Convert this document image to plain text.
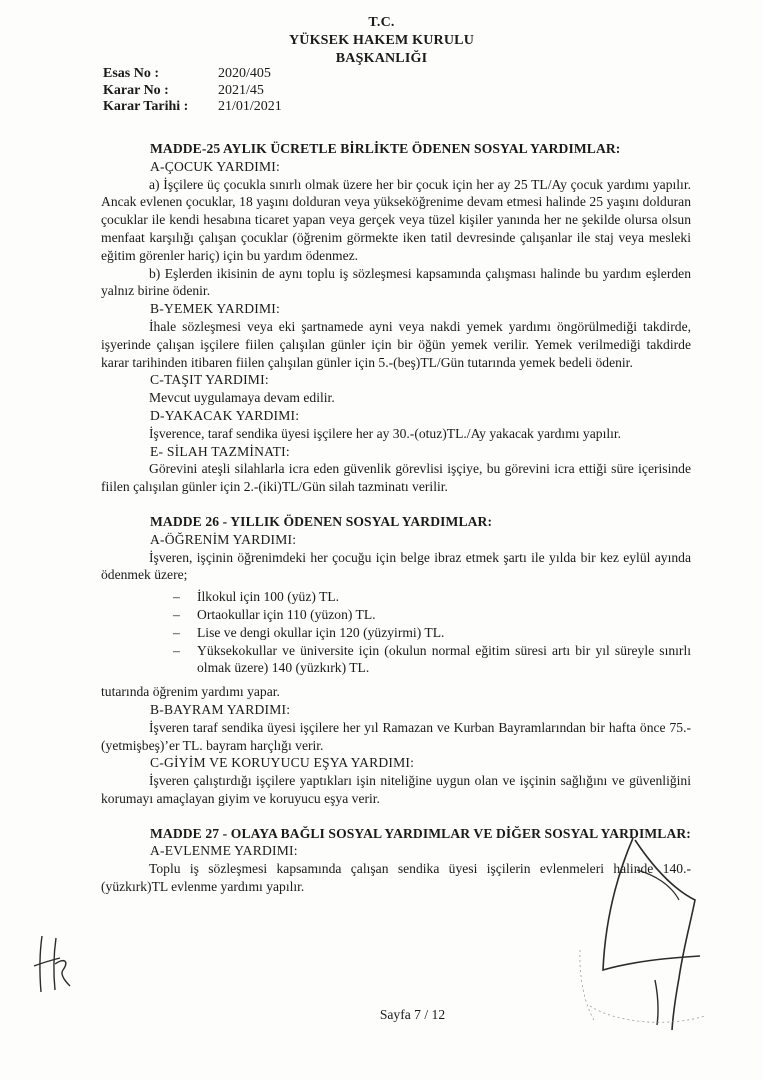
T.C.
YÜKSEK HAKEM KURULU
BAŞKANLIĞI
Esas No :	2020/405
Karar No :	2021/45
Karar Tarihi :	21/01/2021

MADDE-25 AYLIK ÜCRETLE BİRLİKTE ÖDENEN SOSYAL YARDIMLAR:

A-ÇOCUK YARDIMI:

a) İşçilere üç çocukla sınırlı olmak üzere her bir çocuk için her ay 25 TL/Ay çocuk yardımı yapılır. Ancak evlenen çocuklar, 18 yaşını dolduran veya yükseköğrenime devam etmesi halinde 25 yaşını dolduran çocuklar ile kendi hesabına ticaret yapan veya gerçek veya tüzel kişiler yanında her ne şekilde olursa olsun menfaat karşılığı çalışan çocuklar (öğrenim görmekte iken tatil devresinde çalışanlar ile staj veya mesleki eğitim görenler hariç) için bu yardım ödenmez.

b) Eşlerden ikisinin de aynı toplu iş sözleşmesi kapsamında çalışması halinde bu yardım eşlerden yalnız birine ödenir.

B-YEMEK YARDIMI:

İhale sözleşmesi veya eki şartnamede ayni veya nakdi yemek yardımı öngörülmediği takdirde, işyerinde çalışan işçilere fiilen çalışılan günler için bir öğün yemek verilir. Yemek verilmediği takdirde karar tarihinden itibaren fiilen çalışılan günler için 5.-(beş)TL/Gün tutarında yemek bedeli ödenir.

C-TAŞIT YARDIMI:

Mevcut uygulamaya devam edilir.

D-YAKACAK YARDIMI:

İşverence, taraf sendika üyesi işçilere her ay 30.-(otuz)TL./Ay yakacak yardımı yapılır.

E- SİLAH TAZMİNATI:

Görevini ateşli silahlarla icra eden güvenlik görevlisi işçiye, bu görevini icra ettiği süre içerisinde fiilen çalışılan günler için 2.-(iki)TL/Gün silah tazminatı verilir.

MADDE 26 - YILLIK ÖDENEN SOSYAL YARDIMLAR:

A-ÖĞRENİM YARDIMI:

İşveren, işçinin öğrenimdeki her çocuğu için belge ibraz etmek şartı ile yılda bir kez eylül ayında ödenmek üzere;

– İlkokul için 100 (yüz) TL.
– Ortaokullar için 110 (yüzon) TL.
– Lise ve dengi okullar için 120 (yüzyirmi) TL.
– Yüksekokullar ve üniversite için (okulun normal eğitim süresi artı bir yıl süreyle sınırlı olmak üzere) 140 (yüzkırk) TL.

tutarında öğrenim yardımı yapar.

B-BAYRAM YARDIMI:

İşveren taraf sendika üyesi işçilere her yıl Ramazan ve Kurban Bayramlarından bir hafta önce 75.-(yetmişbeş)’er TL. bayram harçlığı verir.

C-GİYİM VE KORUYUCU EŞYA YARDIMI:

İşveren çalıştırdığı işçilere yaptıkları işin niteliğine uygun olan ve işçinin sağlığını ve güvenliğini korumayı amaçlayan giyim ve koruyucu eşya verir.

MADDE 27 - OLAYA BAĞLI SOSYAL YARDIMLAR VE DİĞER SOSYAL YARDIMLAR:

A-EVLENME YARDIMI:

Toplu iş sözleşmesi kapsamında çalışan sendika üyesi işçilerin evlenmeleri halinde 140.-(yüzkırk)TL evlenme yardımı yapılır.

Sayfa 7 / 12
